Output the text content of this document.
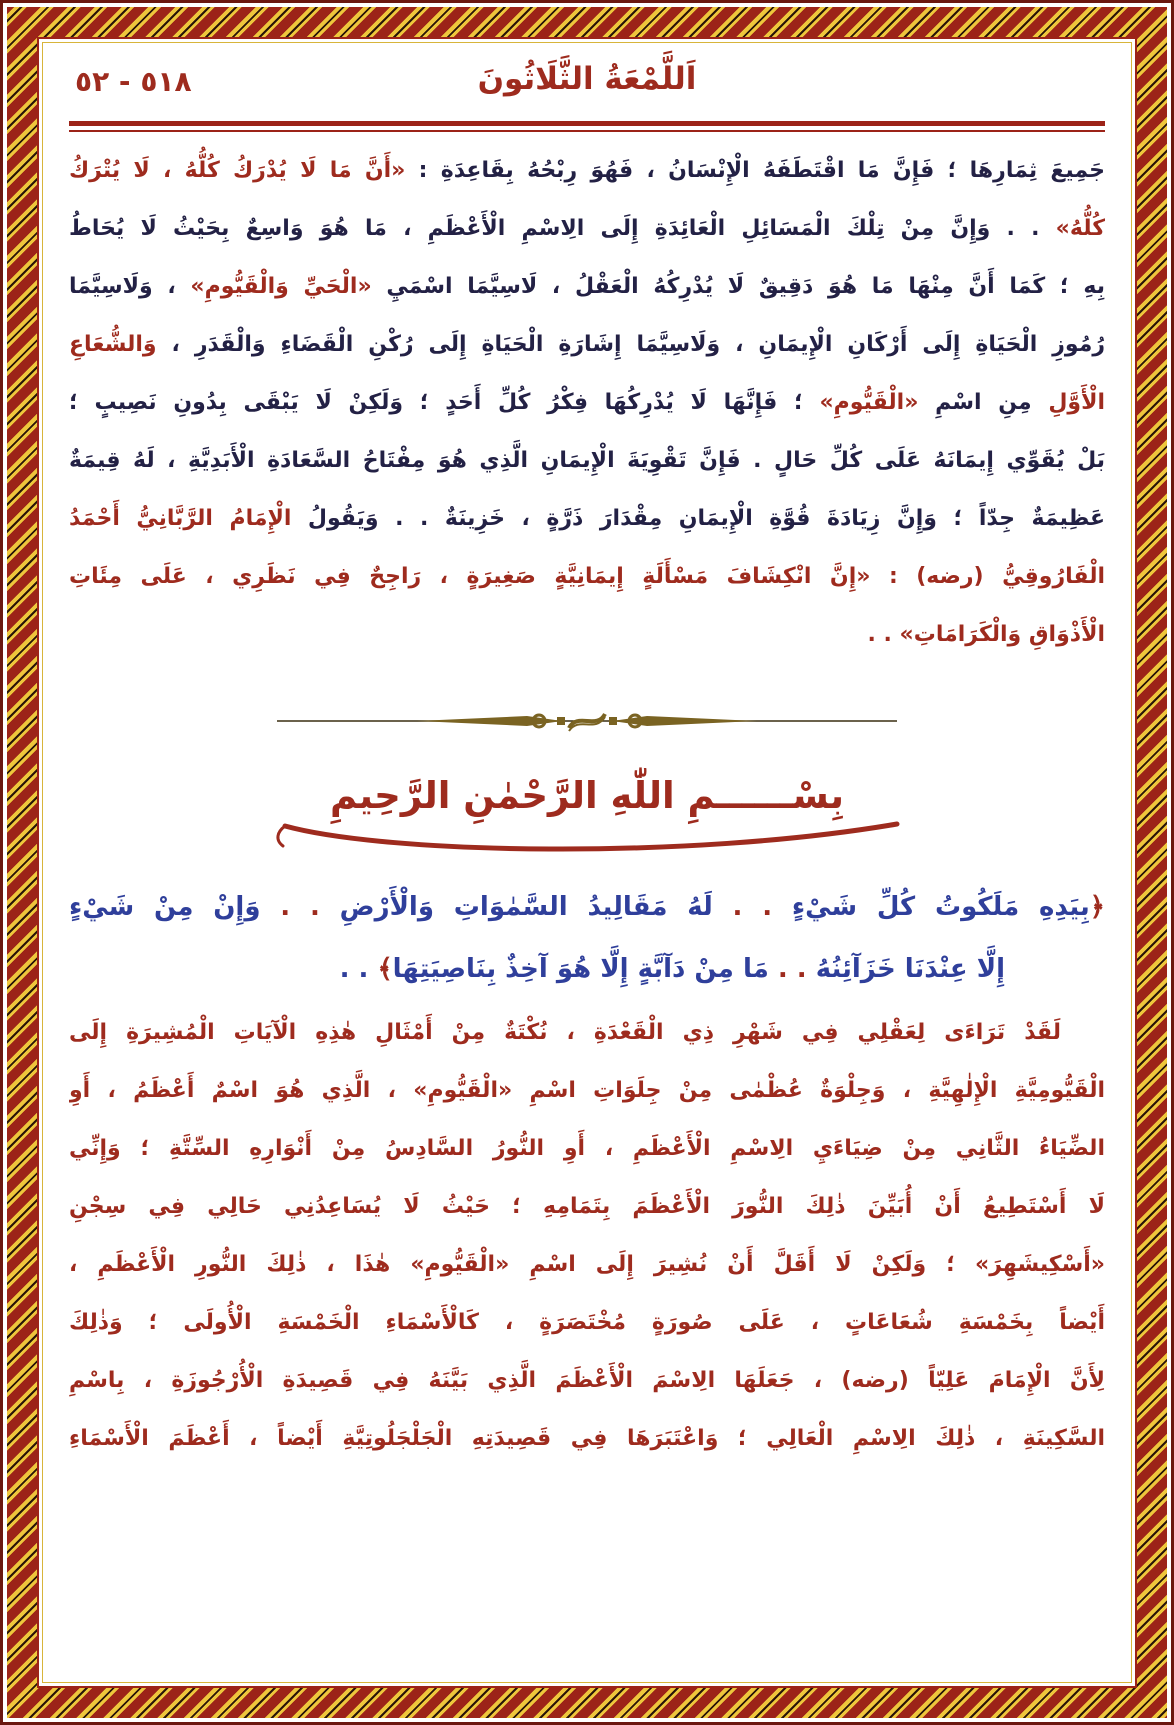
اَللَّمْعَةُ الثَّلَاثُونَ
٥١٨ - ٥٢
جَمِيعَ ثِمَارِهَا ؛ فَإِنَّ مَا اقْتَطَفَهُ الْإِنْسَانُ ، فَهُوَ رِبْحُهُ بِقَاعِدَةِ : «أَنَّ مَا لَا يُدْرَكُ كُلُّهُ ، لَا يُتْرَكُ
كُلُّهُ» . . وَإِنَّ مِنْ تِلْكَ الْمَسَائِلِ الْعَائِدَةِ إِلَى الِاسْمِ الْأَعْظَمِ ، مَا هُوَ وَاسِعٌ بِحَيْثُ لَا يُحَاطُ
بِهِ ؛ كَمَا أَنَّ مِنْهَا مَا هُوَ دَقِيقٌ لَا يُدْرِكُهُ الْعَقْلُ ، لَاسِيَّمَا اسْمَيِ «الْحَيِّ وَالْقَيُّومِ» ، وَلَاسِيَّمَا
رُمُوزِ الْحَيَاةِ إِلَى أَرْكَانِ الْإِيمَانِ ، وَلَاسِيَّمَا إِشَارَةِ الْحَيَاةِ إِلَى رُكْنِ الْقَضَاءِ وَالْقَدَرِ ، وَالشُّعَاعِ
الْأَوَّلِ مِنِ اسْمِ «الْقَيُّومِ» ؛ فَإِنَّهَا لَا يُدْرِكُهَا فِكْرُ كُلِّ أَحَدٍ ؛ وَلَكِنْ لَا يَبْقَى بِدُونِ نَصِيبٍ ؛
بَلْ يُقَوِّي إِيمَانَهُ عَلَى كُلِّ حَالٍ . فَإِنَّ تَقْوِيَةَ الْإِيمَانِ الَّذِي هُوَ مِفْتَاحُ السَّعَادَةِ الْأَبَدِيَّةِ ، لَهُ قِيمَةٌ
عَظِيمَةٌ جِدّاً ؛ وَإِنَّ زِيَادَةَ قُوَّةِ الْإِيمَانِ مِقْدَارَ ذَرَّةٍ ، خَزِينَةٌ . . وَيَقُولُ الْإِمَامُ الرَّبَّانِيُّ أَحْمَدُ
الْفَارُوقِيُّ (رضه) : «إِنَّ انْكِشَافَ مَسْأَلَةٍ إِيمَانِيَّةٍ صَغِيرَةٍ ، رَاجِحٌ فِي نَظَرِي ، عَلَى مِئَاتِ
الْأَذْوَاقِ وَالْكَرَامَاتِ» . .
بِسْــــــمِ اللّٰهِ الرَّحْمٰنِ الرَّحِيمِ
﴿بِيَدِهِ مَلَكُوتُ كُلِّ شَيْءٍ . . لَهُ مَقَالِيدُ السَّمٰوَاتِ وَالْأَرْضِ . . وَإِنْ مِنْ شَيْءٍ
إِلَّا عِنْدَنَا خَزَآئِنُهُ . . مَا مِنْ دَآبَّةٍ إِلَّا هُوَ آخِذٌ بِنَاصِيَتِهَا﴾ . .
لَقَدْ تَرَاءَى لِعَقْلِي فِي شَهْرِ ذِي الْقَعْدَةِ ، نُكْتَةٌ مِنْ أَمْثَالِ هٰذِهِ الْآيَاتِ الْمُشِيرَةِ إِلَى
الْقَيُّومِيَّةِ الْإِلٰهِيَّةِ ، وَجِلْوَةٌ عُظْمٰى مِنْ جِلَوَاتِ اسْمِ «الْقَيُّومِ» ، الَّذِي هُوَ اسْمٌ أَعْظَمُ ، أَوِ
الضِّيَاءُ الثَّانِي مِنْ ضِيَاءَيِ الِاسْمِ الْأَعْظَمِ ، أَوِ النُّورُ السَّادِسُ مِنْ أَنْوَارِهِ السِّتَّةِ ؛ وَإِنِّي
لَا أَسْتَطِيعُ أَنْ أُبَيِّنَ ذٰلِكَ النُّورَ الْأَعْظَمَ بِتَمَامِهِ ؛ حَيْثُ لَا يُسَاعِدُنِي حَالِي فِي سِجْنِ
«أَسْكِيشَهِرَ» ؛ وَلَكِنْ لَا أَقَلَّ أَنْ نُشِيرَ إِلَى اسْمِ «الْقَيُّومِ» هٰذَا ، ذٰلِكَ النُّورِ الْأَعْظَمِ ،
أَيْضاً بِخَمْسَةِ شُعَاعَاتٍ ، عَلَى صُورَةٍ مُخْتَصَرَةٍ ، كَالْأَسْمَاءِ الْخَمْسَةِ الْأُولَى ؛ وَذٰلِكَ
لِأَنَّ الْإِمَامَ عَلِيّاً (رضه) ، جَعَلَهَا الِاسْمَ الْأَعْظَمَ الَّذِي بَيَّنَهُ فِي قَصِيدَةِ الْأُرْجُوزَةِ ، بِاسْمِ
السَّكِينَةِ ، ذٰلِكَ الِاسْمِ الْعَالِي ؛ وَاعْتَبَرَهَا فِي قَصِيدَتِهِ الْجَلْجَلُوتِيَّةِ أَيْضاً ، أَعْظَمَ الْأَسْمَاءِ
